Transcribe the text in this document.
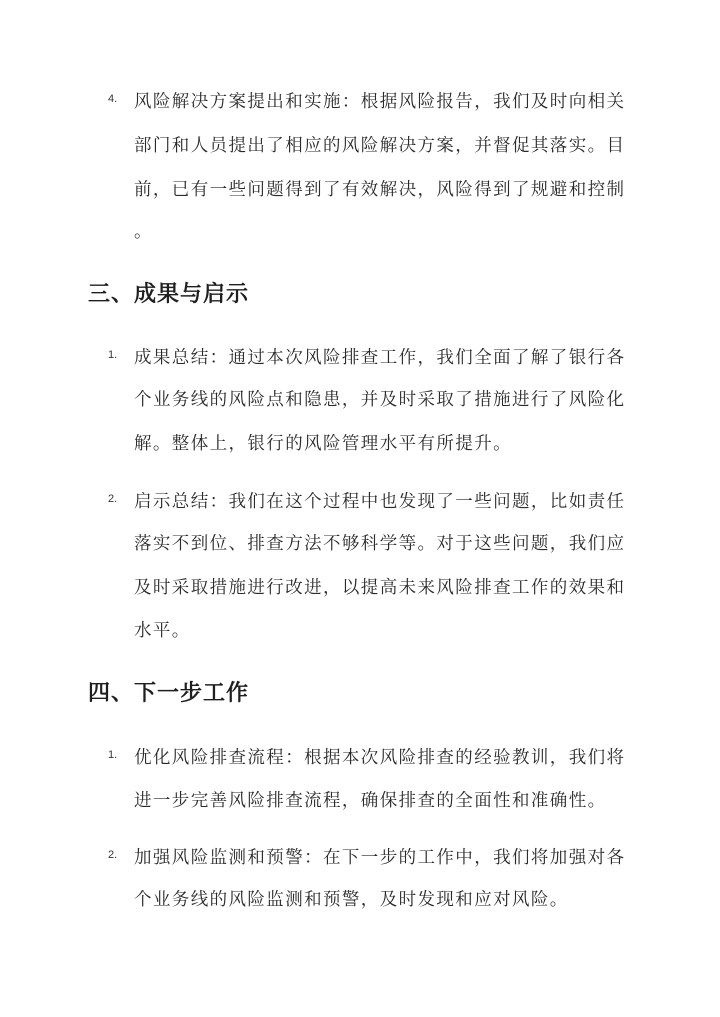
4. 风险解决方案提出和实施：根据风险报告，我们及时向相关
部门和人员提出了相应的风险解决方案，并督促其落实。目
前，已有一些问题得到了有效解决，风险得到了规避和控制
。
三、成果与启示
1. 成果总结：通过本次风险排查工作，我们全面了解了银行各
个业务线的风险点和隐患，并及时采取了措施进行了风险化
解。整体上，银行的风险管理水平有所提升。
2. 启示总结：我们在这个过程中也发现了一些问题，比如责任
落实不到位、排查方法不够科学等。对于这些问题，我们应
及时采取措施进行改进，以提高未来风险排查工作的效果和
水平。
四、下一步工作
1. 优化风险排查流程：根据本次风险排查的经验教训，我们将
进一步完善风险排查流程，确保排查的全面性和准确性。
2. 加强风险监测和预警：在下一步的工作中，我们将加强对各
个业务线的风险监测和预警，及时发现和应对风险。
